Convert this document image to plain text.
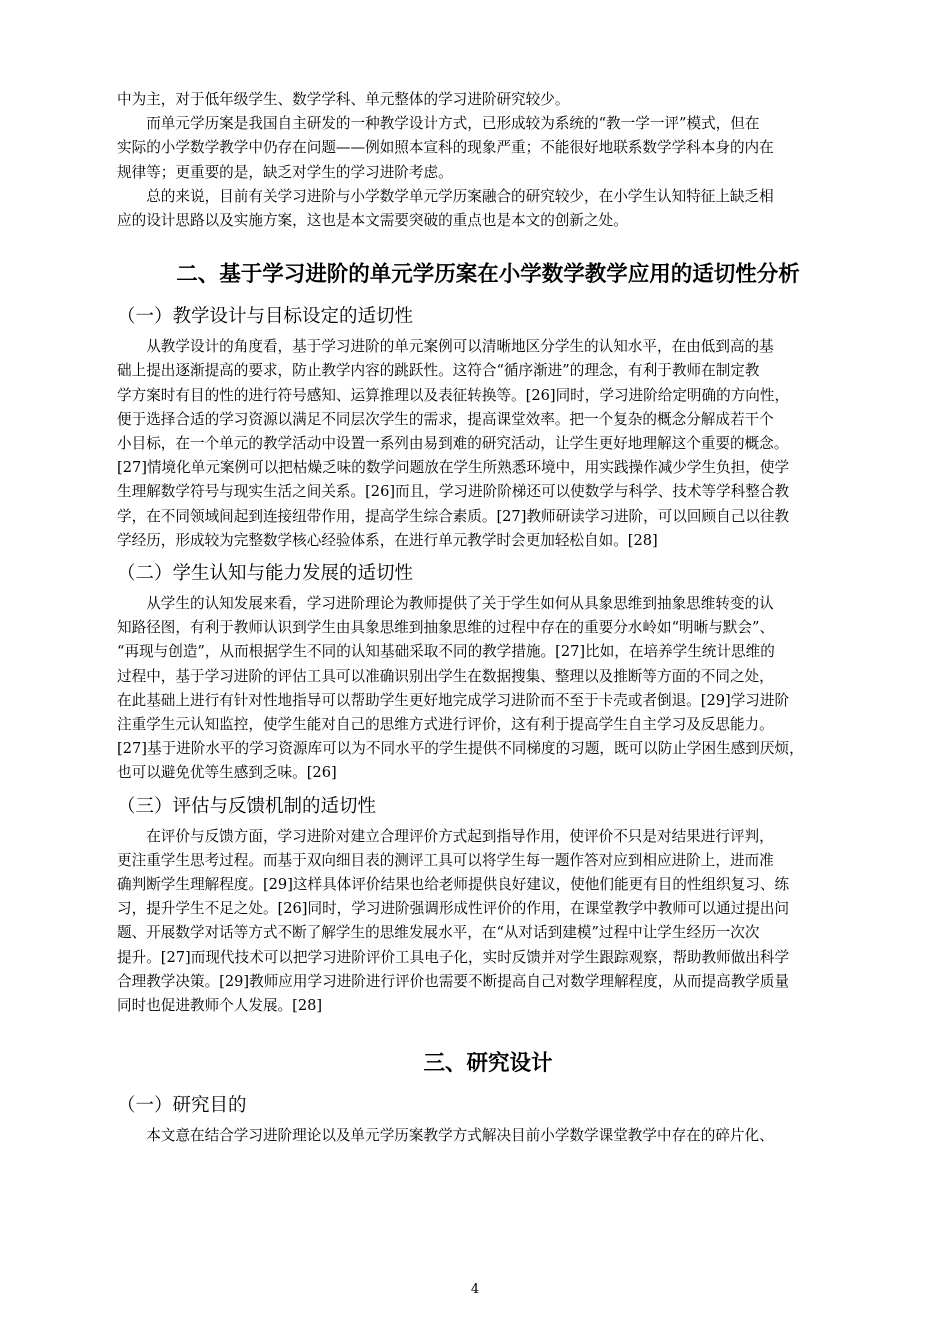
中为主，对于低年级学生、数学学科、单元整体的学习进阶研究较少。

而单元学历案是我国自主研发的一种教学设计方式，已形成较为系统的“教一学一评”模式，但在
实际的小学数学教学中仍存在问题——例如照本宣科的现象严重；不能很好地联系数学学科本身的内在
规律等；更重要的是，缺乏对学生的学习进阶考虑。

总的来说，目前有关学习进阶与小学数学单元学历案融合的研究较少，在小学生认知特征上缺乏相
应的设计思路以及实施方案，这也是本文需要突破的重点也是本文的创新之处。

二、基于学习进阶的单元学历案在小学数学教学应用的适切性分析
（一）教学设计与目标设定的适切性

从教学设计的角度看，基于学习进阶的单元案例可以清晰地区分学生的认知水平，在由低到高的基
础上提出逐渐提高的要求，防止教学内容的跳跃性。这符合“循序渐进”的理念，有利于教师在制定教
学方案时有目的性的进行符号感知、运算推理以及表征转换等。[26]同时，学习进阶给定明确的方向性，
便于选择合适的学习资源以满足不同层次学生的需求，提高课堂效率。把一个复杂的概念分解成若干个
小目标，在一个单元的教学活动中设置一系列由易到难的研究活动，让学生更好地理解这个重要的概念。
[27]情境化单元案例可以把枯燥乏味的数学问题放在学生所熟悉环境中，用实践操作减少学生负担，使学
生理解数学符号与现实生活之间关系。[26]而且，学习进阶阶梯还可以使数学与科学、技术等学科整合教
学，在不同领域间起到连接纽带作用，提高学生综合素质。[27]教师研读学习进阶，可以回顾自己以往教
学经历，形成较为完整数学核心经验体系，在进行单元教学时会更加轻松自如。[28]

（二）学生认知与能力发展的适切性

从学生的认知发展来看，学习进阶理论为教师提供了关于学生如何从具象思维到抽象思维转变的认
知路径图，有利于教师认识到学生由具象思维到抽象思维的过程中存在的重要分水岭如“明晰与默会”、
“再现与创造”，从而根据学生不同的认知基础采取不同的教学措施。[27]比如，在培养学生统计思维的
过程中，基于学习进阶的评估工具可以准确识别出学生在数据搜集、整理以及推断等方面的不同之处，
在此基础上进行有针对性地指导可以帮助学生更好地完成学习进阶而不至于卡壳或者倒退。[29]学习进阶
注重学生元认知监控，使学生能对自己的思维方式进行评价，这有利于提高学生自主学习及反思能力。
[27]基于进阶水平的学习资源库可以为不同水平的学生提供不同梯度的习题，既可以防止学困生感到厌烦，
也可以避免优等生感到乏味。[26]

（三）评估与反馈机制的适切性

在评价与反馈方面，学习进阶对建立合理评价方式起到指导作用，使评价不只是对结果进行评判，
更注重学生思考过程。而基于双向细目表的测评工具可以将学生每一题作答对应到相应进阶上，进而准
确判断学生理解程度。[29]这样具体评价结果也给老师提供良好建议，使他们能更有目的性组织复习、练
习，提升学生不足之处。[26]同时，学习进阶强调形成性评价的作用，在课堂教学中教师可以通过提出问
题、开展数学对话等方式不断了解学生的思维发展水平，在“从对话到建模”过程中让学生经历一次次
提升。[27]而现代技术可以把学习进阶评价工具电子化，实时反馈并对学生跟踪观察，帮助教师做出科学
合理教学决策。[29]教师应用学习进阶进行评价也需要不断提高自己对数学理解程度，从而提高教学质量
同时也促进教师个人发展。[28]

三、研究设计
（一）研究目的

本文意在结合学习进阶理论以及单元学历案教学方式解决目前小学数学课堂教学中存在的碎片化、

4
